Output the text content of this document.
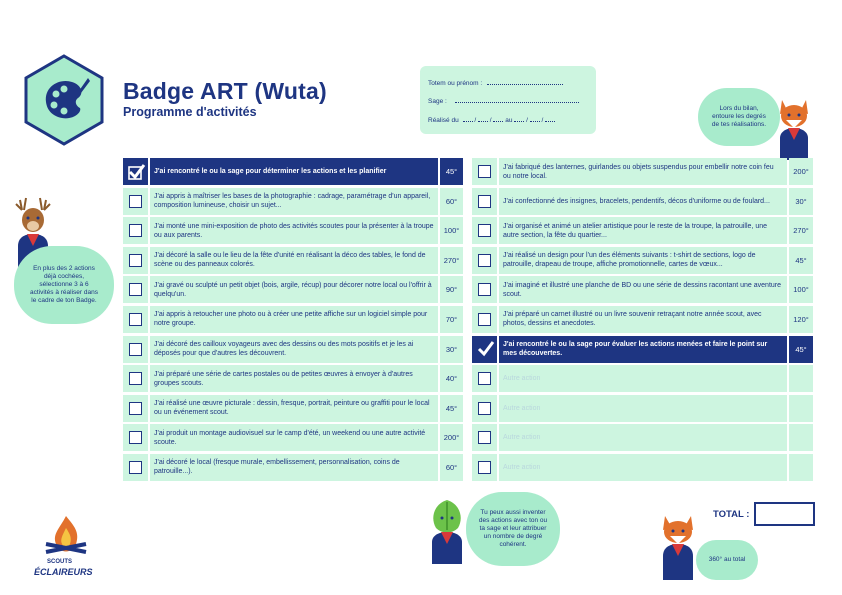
Badge ART (Wuta)
Programme d'activités
Totem ou prénom :
Sage :
Réalisé du / / au / /
Lors du bilan, entoure les degrés de tes réalisations.
En plus des 2 actions déjà cochées, sélectionne 3 à 6 activités à réaliser dans le cadre de ton Badge.
J'ai rencontré le ou la sage pour déterminer les actions et les planifier	45°
J'ai appris à maîtriser les bases de la photographie : cadrage, paramétrage d'un appareil, composition lumineuse, choisir un sujet...	60°
J'ai monté une mini-exposition de photo des activités scoutes pour la présenter à la troupe ou aux parents.	100°
J'ai décoré la salle ou le lieu de la fête d'unité en réalisant la déco des tables, le fond de scène ou des panneaux colorés.	270°
J'ai gravé ou sculpté un petit objet (bois, argile, récup) pour décorer notre local ou l'offrir à quelqu'un.	90°
J'ai appris à retoucher une photo ou à créer une petite affiche sur un logiciel simple pour notre groupe.	70°
J'ai décoré des cailloux voyageurs avec des dessins ou des mots positifs et je les ai déposés pour que d'autres les découvrent.	30°
J'ai préparé une série de cartes postales ou de petites œuvres à envoyer à d'autres groupes scouts.	40°
J'ai réalisé une œuvre picturale : dessin, fresque, portrait, peinture ou graffiti pour le local ou un événement scout.	45°
J'ai produit un montage audiovisuel sur le camp d'été, un weekend ou une autre activité scoute.	200°
J'ai décoré le local (fresque murale, embellissement, personnalisation, coins de patrouille...).	60°
J'ai fabriqué des lanternes, guirlandes ou objets suspendus pour embellir notre coin feu ou notre local.	200°
J'ai confectionné des insignes, bracelets, pendentifs, décos d'uniforme ou de foulard...	30°
J'ai organisé et animé un atelier artistique pour le reste de la troupe, la patrouille, une autre section, la fête du quartier...	270°
J'ai réalisé un design pour l'un des éléments suivants : t-shirt de sections, logo de patrouille, drapeau de troupe, affiche promotionnelle, cartes de vœux...	45°
J'ai imaginé et illustré une planche de BD ou une série de dessins racontant une aventure scout.	100°
J'ai préparé un carnet illustré ou un livre souvenir retraçant notre année scout, avec photos, dessins et anecdotes.	120°
J'ai rencontré le ou la sage pour évaluer les actions menées et faire le point sur mes découvertes.	45°
Autre action
Autre action
Autre action
Autre action
Tu peux aussi inventer des actions avec ton ou ta sage et leur attribuer un nombre de degré cohérent.
360° au total
TOTAL :
SCOUTS
ÉCLAIREURS
